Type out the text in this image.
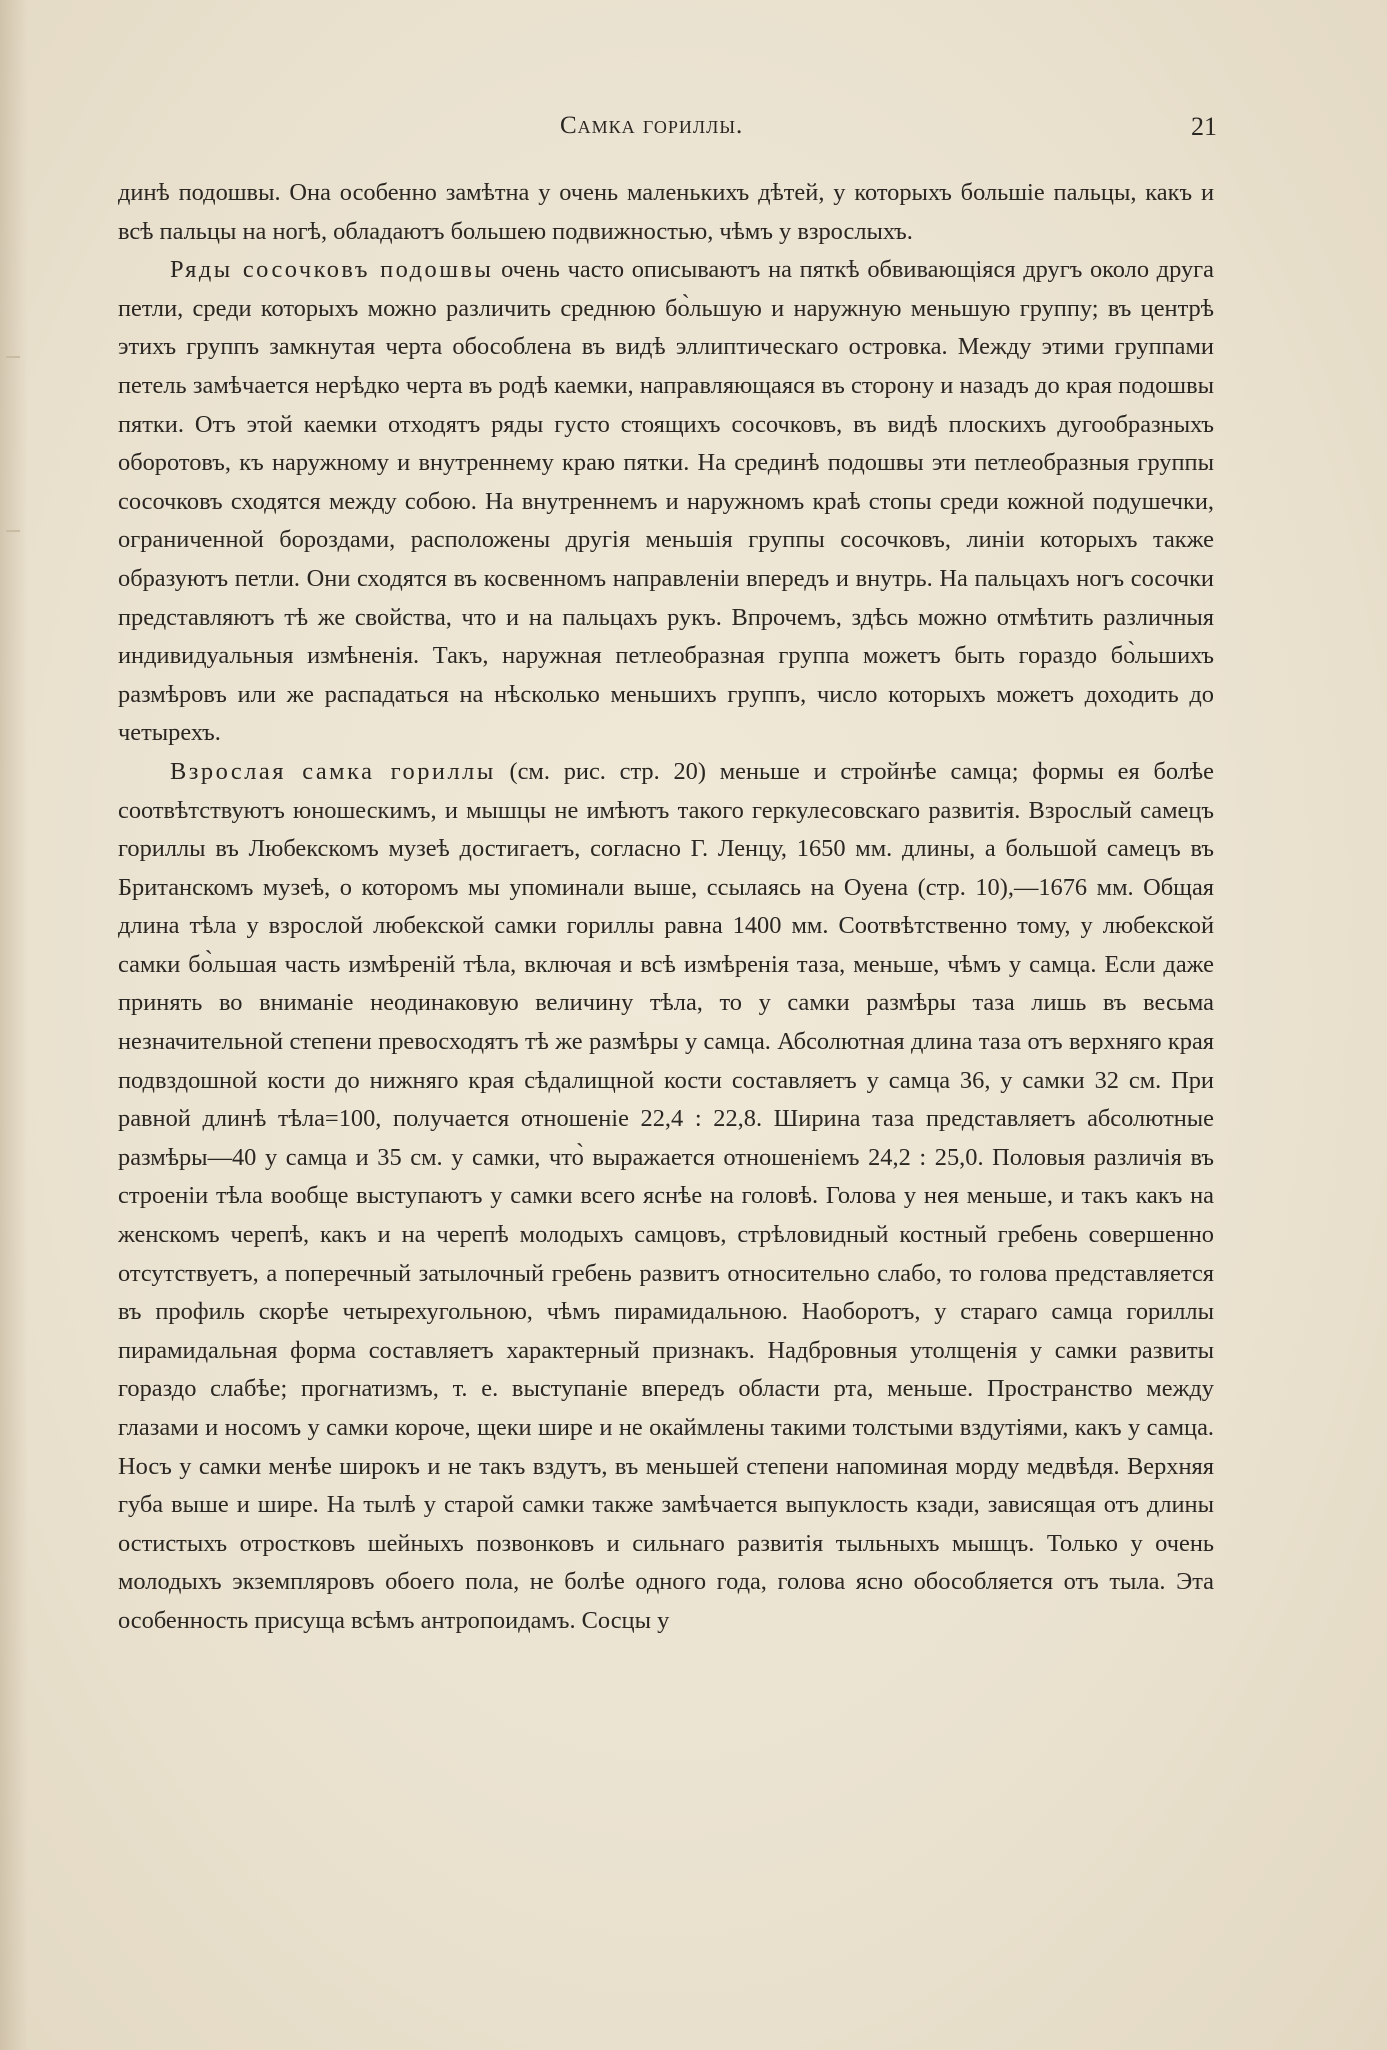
Самка гориллы.	21

динѣ подошвы. Она особенно замѣтна у очень маленькихъ дѣтей, у которыхъ большіе пальцы, какъ и всѣ пальцы на ногѣ, обладаютъ большею подвижностью, чѣмъ у взрослыхъ.

Ряды сосочковъ подошвы очень часто описываютъ на пяткѣ обвивающіяся другъ около друга петли, среди которыхъ можно различить среднюю бо̀льшую и наружную меньшую группу; въ центрѣ этихъ группъ замкнутая черта обособлена въ видѣ эллиптическаго островка. Между этими группами петель замѣчается нерѣдко черта въ родѣ каемки, направляющаяся въ сторону и назадъ до края подошвы пятки. Отъ этой каемки отходятъ ряды густо стоящихъ сосочковъ, въ видѣ плоскихъ дугообразныхъ оборотовъ, къ наружному и внутреннему краю пятки. На срединѣ подошвы эти петлеобразныя группы сосочковъ сходятся между собою. На внутреннемъ и наружномъ краѣ стопы среди кожной подушечки, ограниченной бороздами, расположены другія меньшія группы сосочковъ, линіи которыхъ также образуютъ петли. Они сходятся въ косвенномъ направленіи впередъ и внутрь. На пальцахъ ногъ сосочки представляютъ тѣ же свойства, что и на пальцахъ рукъ. Впрочемъ, здѣсь можно отмѣтить различныя индивидуальныя измѣненія. Такъ, наружная петлеобразная группа можетъ быть гораздо бо̀льшихъ размѣровъ или же распадаться на нѣсколько меньшихъ группъ, число которыхъ можетъ доходить до четырехъ.

Взрослая самка гориллы (см. рис. стр. 20) меньше и стройнѣе самца; формы ея болѣе соотвѣтствуютъ юношескимъ, и мышцы не имѣютъ такого геркулесовскаго развитія. Взрослый самецъ гориллы въ Любекскомъ музеѣ достигаетъ, согласно Г. Ленцу, 1650 мм. длины, а большой самецъ въ Британскомъ музеѣ, о которомъ мы упоминали выше, ссылаясь на Оуена (стр. 10),—1676 мм. Общая длина тѣла у взрослой любекской самки гориллы равна 1400 мм. Соотвѣтственно тому, у любекской самки бо̀льшая часть измѣреній тѣла, включая и всѣ измѣренія таза, меньше, чѣмъ у самца. Если даже принять во вниманіе неодинаковую величину тѣла, то у самки размѣры таза лишь въ весьма незначительной степени превосходятъ тѣ же размѣры у самца. Абсолютная длина таза отъ верхняго края подвздошной кости до нижняго края сѣдалищной кости составляетъ у самца 36, у самки 32 см. При равной длинѣ тѣла=100, получается отношеніе 22,4 : 22,8. Ширина таза представляетъ абсолютные размѣры—40 у самца и 35 см. у самки, что̀ выражается отношеніемъ 24,2 : 25,0. Половыя различія въ строеніи тѣла вообще выступаютъ у самки всего яснѣе на головѣ. Голова у нея меньше, и такъ какъ на женскомъ черепѣ, какъ и на черепѣ молодыхъ самцовъ, стрѣловидный костный гребень совершенно отсутствуетъ, а поперечный затылочный гребень развитъ относительно слабо, то голова представляется въ профиль скорѣе четырехугольною, чѣмъ пирамидальною. Наоборотъ, у стараго самца гориллы пирамидальная форма составляетъ характерный признакъ. Надбровныя утолщенія у самки развиты гораздо слабѣе; прогнатизмъ, т. е. выступаніе впередъ области рта, меньше. Пространство между глазами и носомъ у самки короче, щеки шире и не окаймлены такими толстыми вздутіями, какъ у самца. Носъ у самки менѣе широкъ и не такъ вздутъ, въ меньшей степени напоминая морду медвѣдя. Верхняя губа выше и шире. На тылѣ у старой самки также замѣчается выпуклость кзади, зависящая отъ длины остистыхъ отростковъ шейныхъ позвонковъ и сильнаго развитія тыльныхъ мышцъ. Только у очень молодыхъ экземпляровъ обоего пола, не болѣе одного года, голова ясно обособляется отъ тыла. Эта особенность присуща всѣмъ антропоидамъ. Сосцы у
